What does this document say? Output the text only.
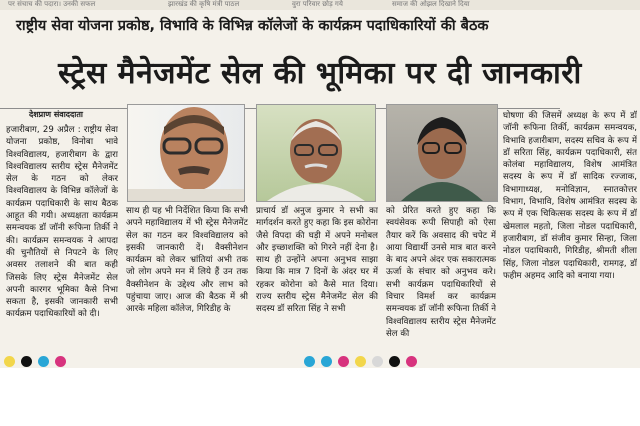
पर संचाच की पदारा। उनकी सफल	झारखंड की कृषि मंत्री पाठल	वुरा परिवार छोड़ गये	समाज की ओझल दिखाने दिया
राष्ट्रीय सेवा योजना प्रकोष्ठ, विभावि के विभिन्न कॉलेजों के कार्यक्रम पदाधिकारियों की बैठक
स्ट्रेस मैनेजमेंट सेल की भूमिका पर दी जानकारी
देशप्राण संवाददाता

हजारीबाग, 29 अप्रैल : राष्ट्रीय सेवा योजना प्रकोष्ठ, विनोबा भावे विश्वविद्यालय, हजारीबाग के द्वारा विश्वविद्यालय स्तरीय स्ट्रेस मैनेजमेंट सेल के गठन को लेकर विश्वविद्यालय के विभिन्न कॉलेजों के कार्यक्रम पदाधिकारी के साथ बैठक आहूत की गयी। अध्यक्षता कार्यक्रम समन्वयक डॉ जॉनी रूफिना तिर्की ने की। कार्यक्रम समन्वयक ने आपदा की चुनौतियों से निपटने के लिए अवसर तलाशने की बात कही जिसके लिए स्ट्रेस मैनेजमेंट सेल अपनी कारगर भूमिका कैसे निभा सकता है, इसकी जानकारी सभी कार्यक्रम पदाधिकारियों को दी।

साथ ही यह भी निर्देशित किया कि सभी अपने महाविद्यालय में भी स्ट्रेस मैनेजमेंट सेल का गठन कर विश्वविद्यालय को इसकी जानकारी दें। वैक्सीनेशन कार्यक्रम को लेकर भ्रांतियां अभी तक जो लोग अपने मन में लिये हैं उन तक वैक्सीनेशन के उद्देश्य और लाभ को पहुंचाया जाए। आज की बैठक में श्री आरके महिला कॉलेज, गिरिडीह के

प्राचार्य डॉ अनुज कुमार ने सभी का मार्गदर्शन करते हुए कहा कि इस कोरोना जैसे विपदा की घड़ी में अपने मनोबल और इच्छाशक्ति को गिरने नहीं देना है। साथ ही उन्होंने अपना अनुभव साझा किया कि मात्र 7 दिनों के अंदर घर में रहकर कोरोना को कैसे मात दिया। राज्य स्तरीय स्ट्रेस मैनेजमेंट सेल की सदस्य डॉ सरिता सिंह ने सभी

को प्रेरित करते हुए कहा कि स्वयंसेवक रूपी सिपाही को ऐसा तैयार करें कि अवसाद की चपेट में आया विद्यार्थी उनसे मात्र बात करने के बाद अपने अंदर एक सकारात्मक ऊर्जा के संचार को अनुभव करे। सभी कार्यक्रम पदाधिकारियों से विचार विमर्श कर कार्यक्रम समन्वयक डॉ जॉनी रूफिना तिर्की ने विश्वविद्यालय स्तरीय स्ट्रेस मैनेजमेंट सेल की

घोषणा की जिसमें अध्यक्ष के रूप में डॉ जॉनी रूफिना तिर्की, कार्यक्रम समन्वयक, विभावि हजारीबाग, सदस्य सचिव के रूप में डॉ सरिता सिंह, कार्यक्रम पदाधिकारी, संत कोलंबा महाविद्यालय, विशेष आमंत्रित सदस्य के रूप में डॉ सादिक रज्जाक, विभागाध्यक्ष, मनोविज्ञान, स्नातकोत्तर विभाग, विभावि, विशेष आमंत्रित सदस्य के रूप में एक चिकित्सक सदस्य के रूप में डॉ खेमलाल महतो, जिला नोडल पदाधिकारी, हजारीबाग, डॉ संजीव कुमार सिन्हा, जिला नोडल पदाधिकारी, गिरिडीह, श्रीमती शीला सिंह, जिला नोडल पदाधिकारी, रामगढ़, डॉ फहीम अहमद आदि को बनाया गया।
